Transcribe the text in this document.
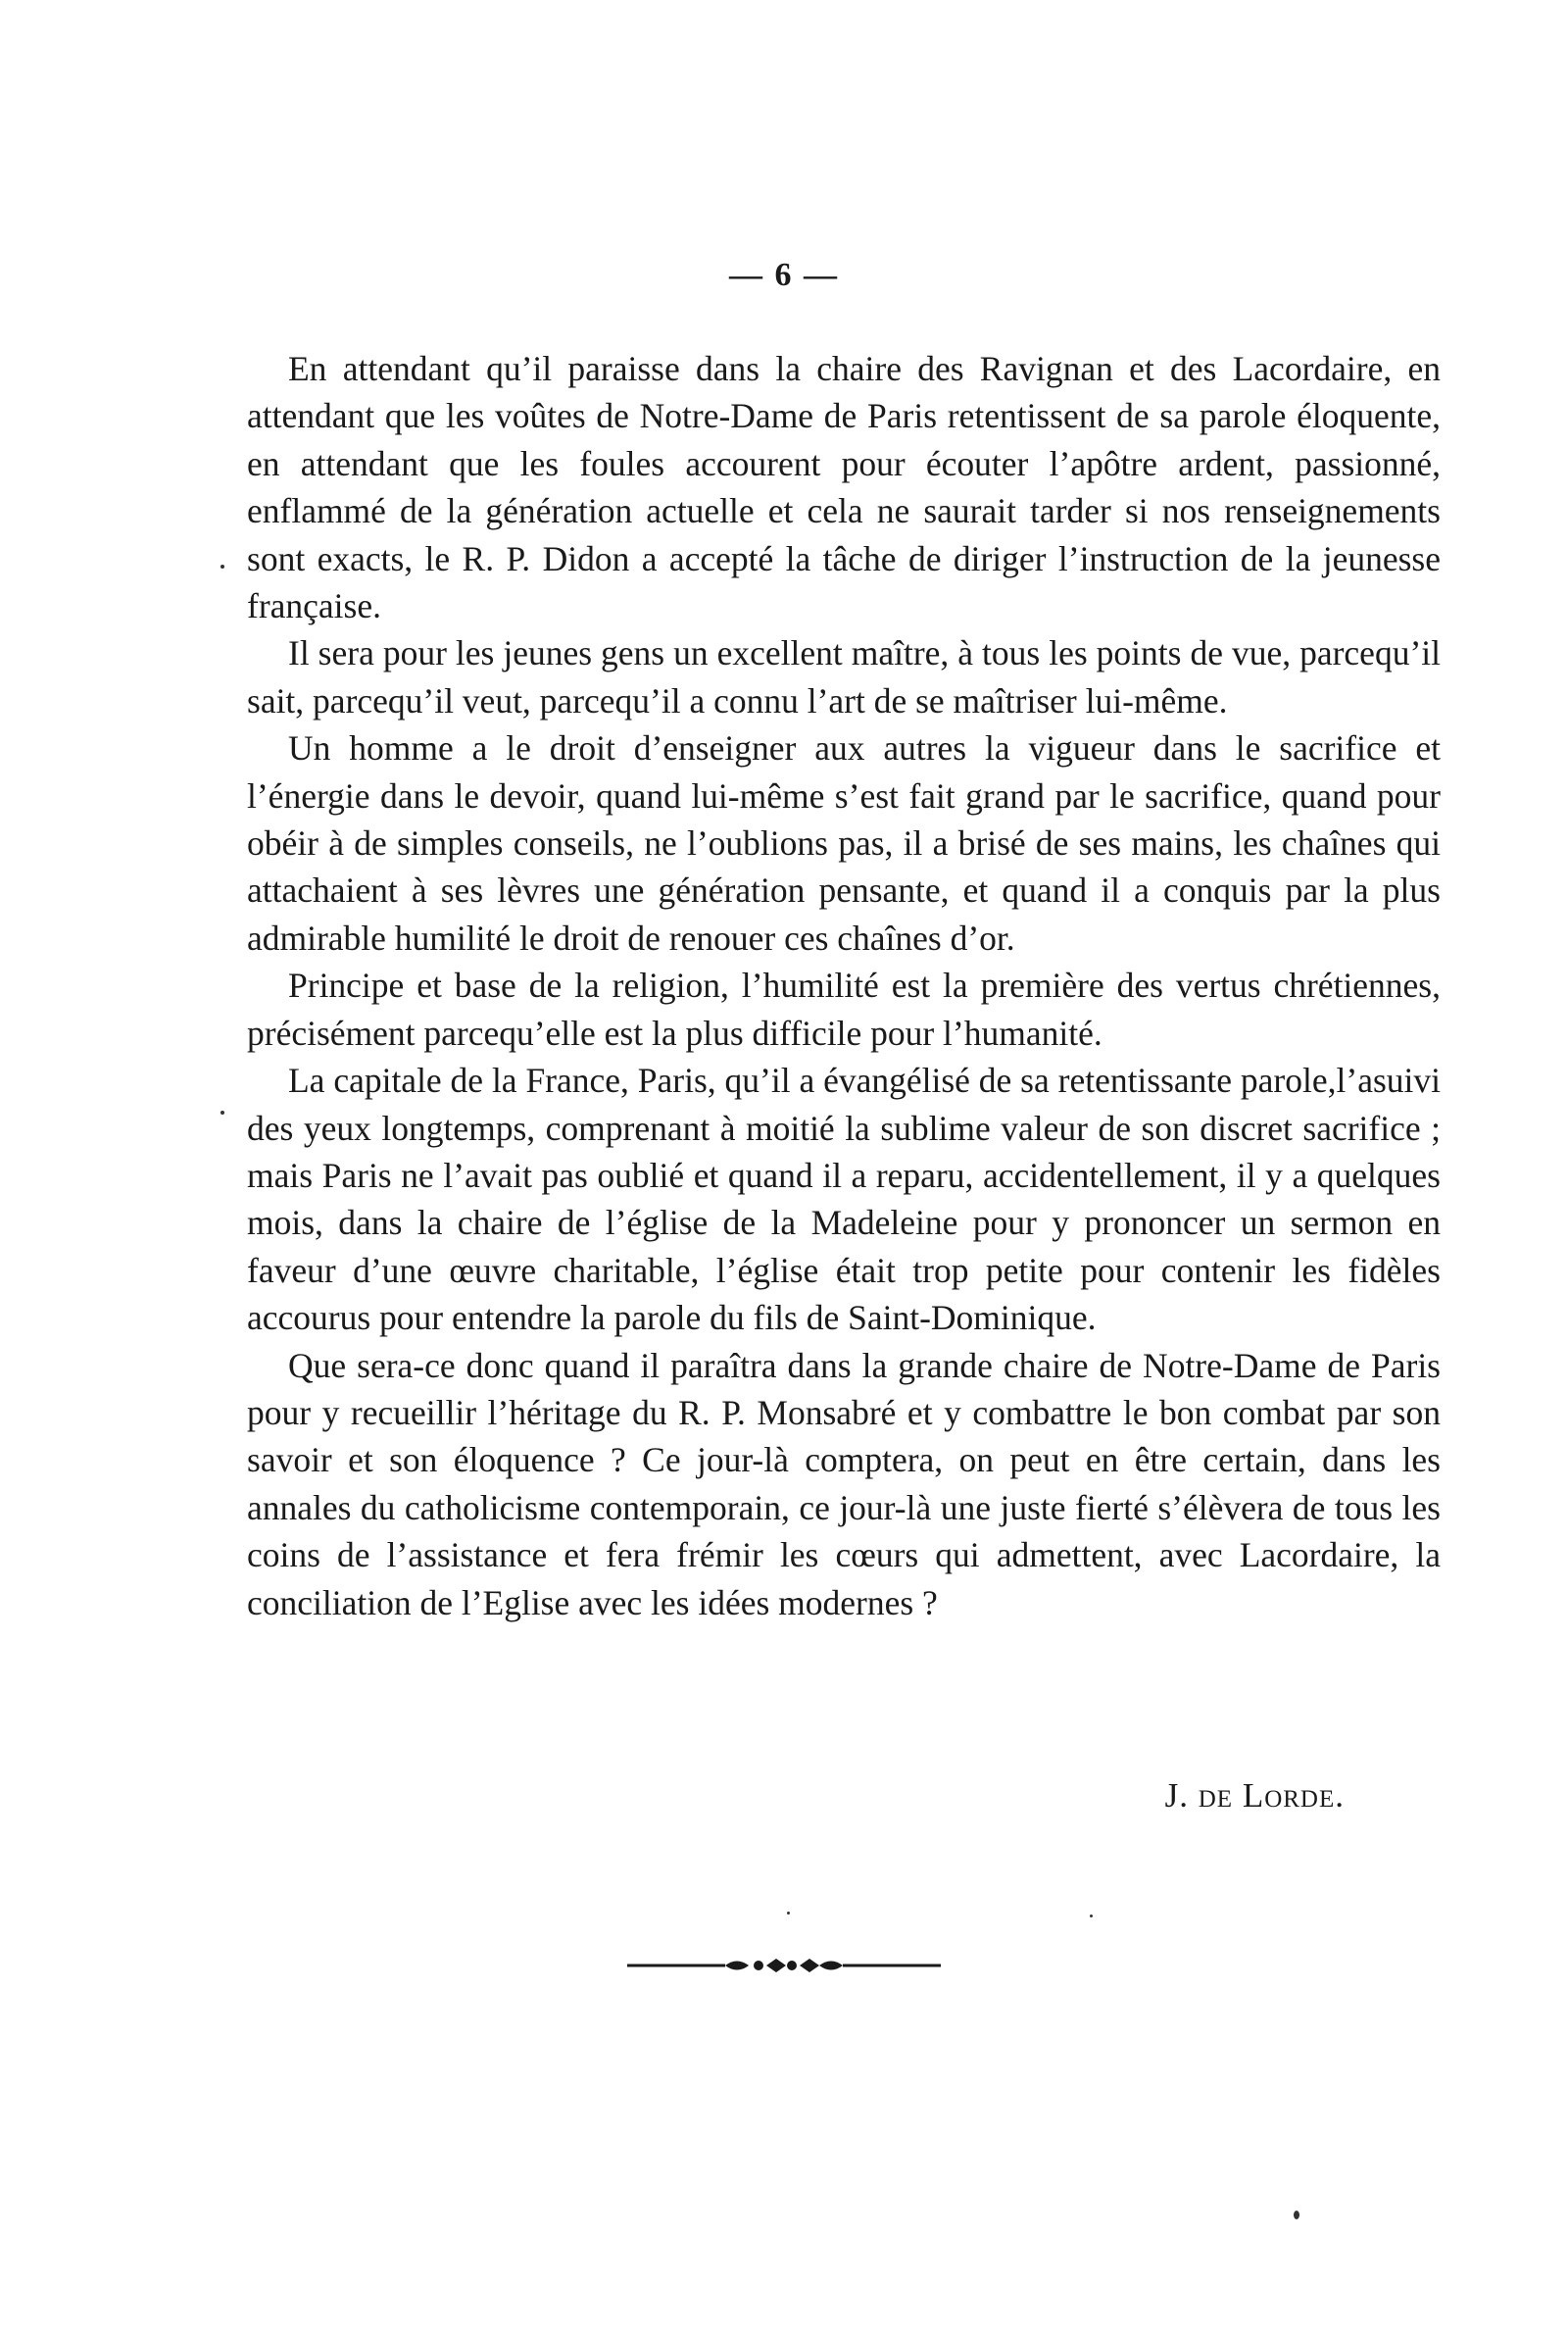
— 6 —

En attendant qu’il paraisse dans la chaire des Ravignan et des Lacordaire, en attendant que les voûtes de Notre-Dame de Paris retentissent de sa parole éloquente, en attendant que les foules accourent pour écouter l’apôtre ardent, passionné, enflammé de la génération actuelle et cela ne saurait tarder si nos renseignements sont exacts, le R. P. Didon a accepté la tâche de diriger l’instruction de la jeunesse française.

Il sera pour les jeunes gens un excellent maître, à tous les points de vue, parcequ’il sait, parcequ’il veut, parcequ’il a connu l’art de se maîtriser lui-même.

Un homme a le droit d’enseigner aux autres la vigueur dans le sacrifice et l’énergie dans le devoir, quand lui-même s’est fait grand par le sacrifice, quand pour obéir à de simples conseils, ne l’oublions pas, il a brisé de ses mains, les chaînes qui attachaient à ses lèvres une génération pensante, et quand il a conquis par la plus admirable humilité le droit de renouer ces chaînes d’or.

Principe et base de la religion, l’humilité est la première des vertus chrétiennes, précisément parcequ’elle est la plus difficile pour l’humanité.

La capitale de la France, Paris, qu’il a évangélisé de sa retentissante parole,l’asuivi des yeux longtemps, comprenant à moitié la sublime valeur de son discret sacrifice ; mais Paris ne l’avait pas oublié et quand il a reparu, accidentellement, il y a quelques mois, dans la chaire de l’église de la Madeleine pour y prononcer un sermon en faveur d’une œuvre charitable, l’église était trop petite pour contenir les fidèles accourus pour entendre la parole du fils de Saint-Dominique.

Que sera-ce donc quand il paraîtra dans la grande chaire de Notre-Dame de Paris pour y recueillir l’héritage du R. P. Monsabré et y combattre le bon combat par son savoir et son éloquence ? Ce jour-là comptera, on peut en être certain, dans les annales du catholicisme contemporain, ce jour-là une juste fierté s’élèvera de tous les coins de l’assistance et fera frémir les cœurs qui admettent, avec Lacordaire, la conciliation de l’Eglise avec les idées modernes ?

J. de Lorde.
